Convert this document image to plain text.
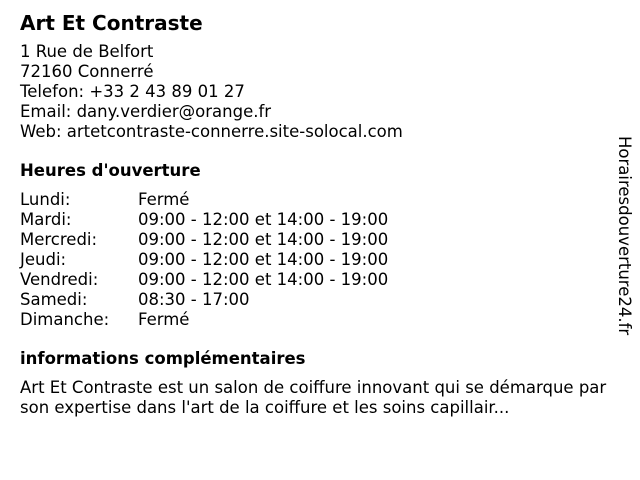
Art Et Contraste
1 Rue de Belfort
72160 Connerré
Telefon: +33 2 43 89 01 27
Email: dany.verdier@orange.fr
Web: artetcontraste-connerre.site-solocal.com
Heures d'ouverture
Lundi:	Fermé
Mardi:	09:00 - 12:00 et 14:00 - 19:00
Mercredi:	09:00 - 12:00 et 14:00 - 19:00
Jeudi:	09:00 - 12:00 et 14:00 - 19:00
Vendredi:	09:00 - 12:00 et 14:00 - 19:00
Samedi:	08:30 - 17:00
Dimanche:	Fermé
informations complémentaires
Art Et Contraste est un salon de coiffure innovant qui se démarque par son expertise dans l'art de la coiffure et les soins capillair...
Horairesdouverture24.fr
